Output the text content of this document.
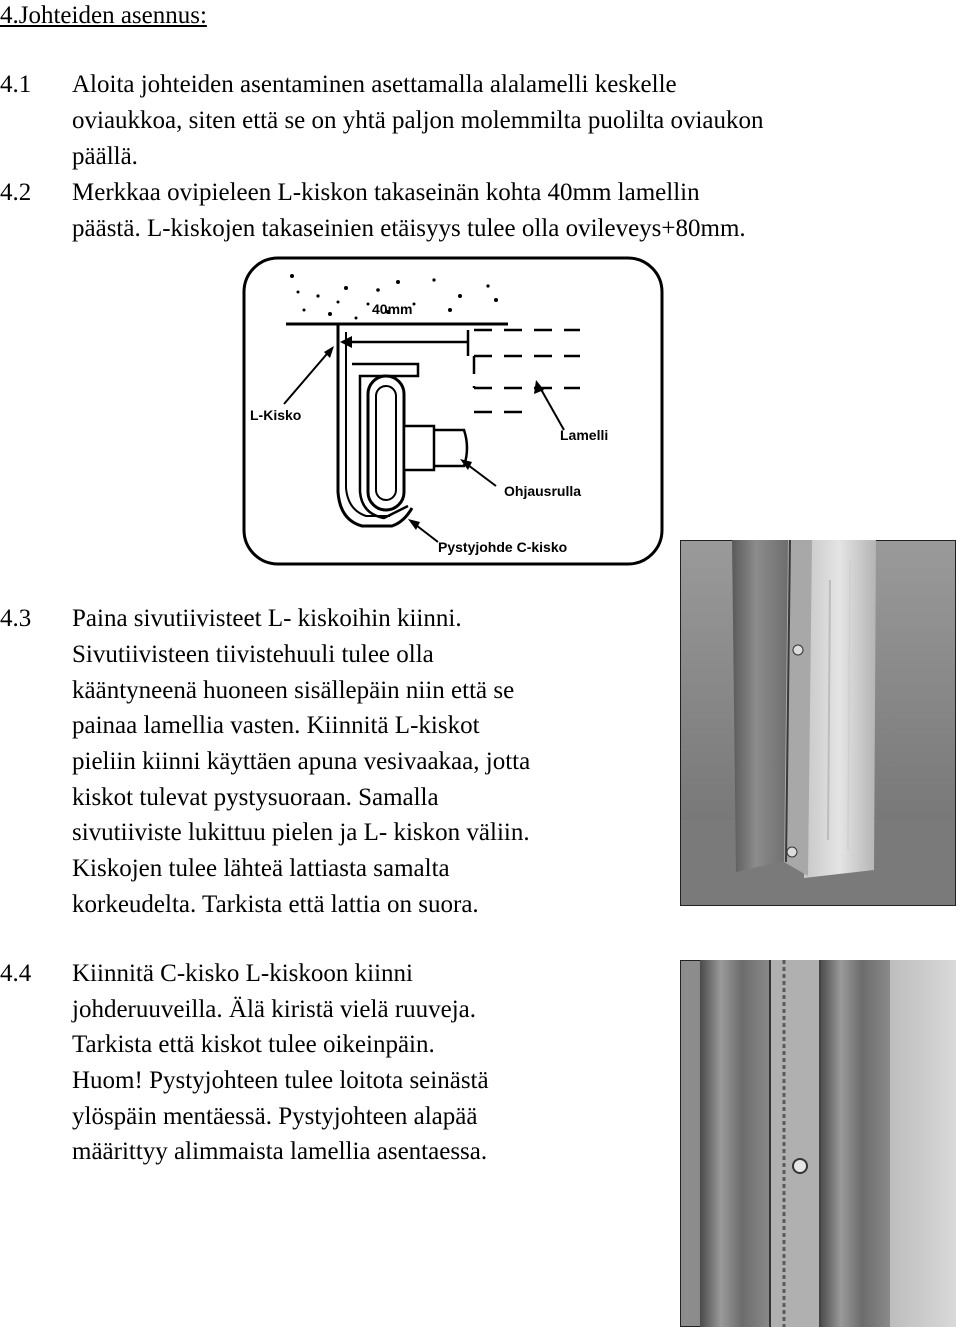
4.Johteiden asennus:
4.1 Aloita johteiden asentaminen asettamalla alalamelli keskelle
oviaukkoa, siten että se on yhtä paljon molemmilta puolilta oviaukon
päällä.
4.2 Merkkaa ovipieleen L-kiskon takaseinän kohta 40mm lamellin
päästä. L-kiskojen takaseinien etäisyys tulee olla ovileveys+80mm.
40mm
L-Kisko
Lamelli
Ohjausrulla
Pystyjohde C-kisko
4.3 Paina sivutiivisteet L- kiskoihin kiinni.
Sivutiivisteen tiivistehuuli tulee olla
kääntyneenä huoneen sisällepäin niin että se
painaa lamellia vasten. Kiinnitä L-kiskot
pieliin kiinni käyttäen apuna vesivaakaa, jotta
kiskot tulevat pystysuoraan. Samalla
sivutiiviste lukittuu pielen ja L- kiskon väliin.
Kiskojen tulee lähteä lattiasta samalta
korkeudelta. Tarkista että lattia on suora.
4.4 Kiinnitä C-kisko L-kiskoon kiinni
johderuuveilla. Älä kiristä vielä ruuveja.
Tarkista että kiskot tulee oikeinpäin.
Huom! Pystyjohteen tulee loitota seinästä
ylöspäin mentäessä. Pystyjohteen alapää
määrittyy alimmaista lamellia asentaessa.
